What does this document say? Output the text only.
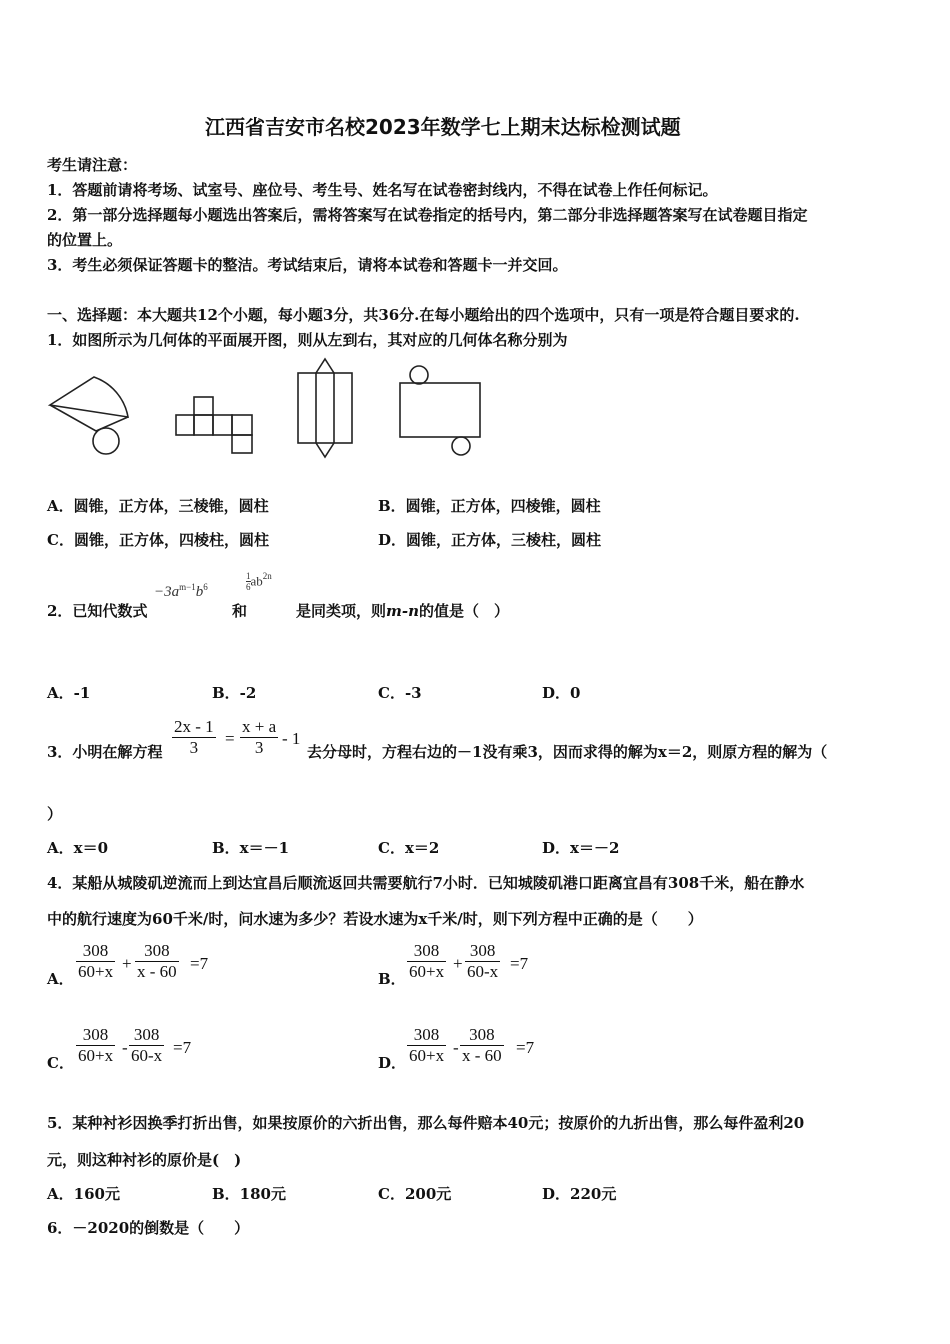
江西省吉安市名校2023年数学七上期末达标检测试题
考生请注意：
1．答题前请将考场、试室号、座位号、考生号、姓名写在试卷密封线内，不得在试卷上作任何标记。
2．第一部分选择题每小题选出答案后，需将答案写在试卷指定的括号内，第二部分非选择题答案写在试卷题目指定
的位置上。
3．考生必须保证答题卡的整洁。考试结束后，请将本试卷和答题卡一并交回。
一、选择题：本大题共12个小题，每小题3分，共36分.在每小题给出的四个选项中，只有一项是符合题目要求的.
1．如图所示为几何体的平面展开图，则从左到右，其对应的几何体名称分别为
A．圆锥，正方体，三棱锥，圆柱	B．圆锥，正方体，四棱锥，圆柱
C．圆锥，正方体，四棱柱，圆柱	D．圆锥，正方体，三棱柱，圆柱
2．已知代数式
$-3a^{m-1}b^6$
和
$\frac{1}{6} ab^{2n}$
是同类项，则m-n的值是（　）
A．-1	B．-2	C．-3	D．0
3．小明在解方程 $\frac{2x - 1}{3} = \frac{x + a}{3} - 1$
去分母时，方程右边的－1没有乘3，因而求得的解为x＝2，则原方程的解为（
）
A．x＝0	B．x＝－1	C．x＝2	D．x＝－2
4．某船从城陵矶逆流而上到达宜昌后顺流返回共需要航行7小时．已知城陵矶港口距离宜昌有308千米，船在静水
中的航行速度为60千米/时，问水速为多少？若设水速为x千米/时，则下列方程中正确的是（　　）
A． $\frac{308}{60+x} + \frac{308}{x - 60} =7$
B． $\frac{308}{60+x} + \frac{308}{60-x} =7$
C． $\frac{308}{60+x} - \frac{308}{60-x} =7$
D． $\frac{308}{60+x} - \frac{308}{x - 60} =7$
5．某种衬衫因换季打折出售，如果按原价的六折出售，那么每件赔本40元；按原价的九折出售，那么每件盈利20
元，则这种衬衫的原价是(　)
A．160元	B．180元	C．200元	D．220元
6．－2020的倒数是（　　）
